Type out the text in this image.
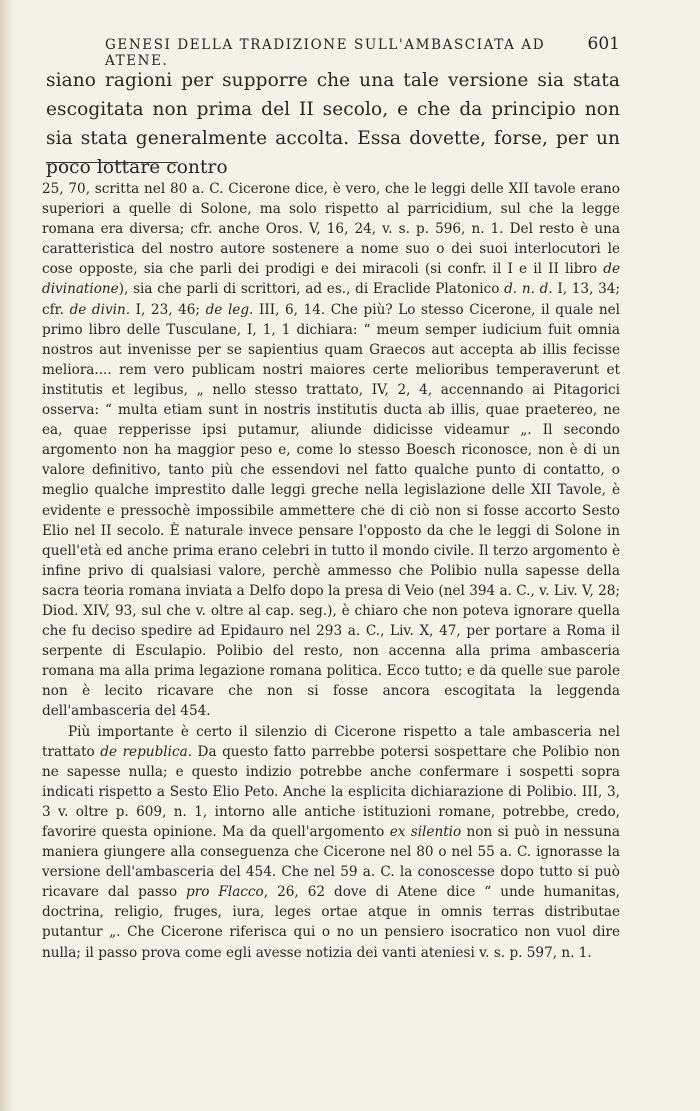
GENESI DELLA TRADIZIONE SULL'AMBASCIATA AD ATENE.
601
siano ragioni per supporre che una tale versione sia stata escogitata non prima del II secolo, e che da principio non sia stata generalmente accolta. Essa dovette, forse, per un poco lottare contro

25, 70, scritta nel 80 a. C. Cicerone dice, è vero, che le leggi delle XII tavole erano superiori a quelle di Solone, ma solo rispetto al parricidium, sul che la legge romana era diversa; cfr. anche Oros. V, 16, 24, v. s. p. 596, n. 1. Del resto è una caratteristica del nostro autore sostenere a nome suo o dei suoi interlocutori le cose opposte, sia che parli dei prodigi e dei miracoli (si confr. il I e il II libro de divinatione), sia che parli di scrittori, ad es., di Eraclide Platonico d. n. d. I, 13, 34; cfr. de divin. I, 23, 46; de leg. III, 6, 14. Che più? Lo stesso Cicerone, il quale nel primo libro delle Tusculane, I, 1, 1 dichiara: “ meum semper iudicium fuit omnia nostros aut invenisse per se sapientius quam Graecos aut accepta ab illis fecisse meliora.... rem vero publicam nostri maiores certe melioribus temperaverunt et institutis et legibus, „ nello stesso trattato, IV, 2, 4, accennando ai Pitagorici osserva: “ multa etiam sunt in nostris institutis ducta ab illis, quae praetereo, ne ea, quae repperisse ipsi putamur, aliunde didicisse videamur „. Il secondo argomento non ha maggior peso e, come lo stesso Boesch riconosce, non è di un valore definitivo, tanto più che essendovi nel fatto qualche punto di contatto, o meglio qualche imprestito dalle leggi greche nella legislazione delle XII Tavole, è evidente e pressochè impossibile ammettere che di ciò non si fosse accorto Sesto Elio nel II secolo. È naturale invece pensare l'opposto da che le leggi di Solone in quell'età ed anche prima erano celebri in tutto il mondo civile. Il terzo argomento è infine privo di qualsiasi valore, perchè ammesso che Polibio nulla sapesse della sacra teoria romana inviata a Delfo dopo la presa di Veio (nel 394 a. C., v. Liv. V, 28; Diod. XIV, 93, sul che v. oltre al cap. seg.), è chiaro che non poteva ignorare quella che fu deciso spedire ad Epidauro nel 293 a. C., Liv. X, 47, per portare a Roma il serpente di Esculapio. Polibio del resto, non accenna alla prima ambasceria romana ma alla prima legazione romana politica. Ecco tutto; e da quelle sue parole non è lecito ricavare che non si fosse ancora escogitata la leggenda dell'ambasceria del 454.

Più importante è certo il silenzio di Cicerone rispetto a tale ambasceria nel trattato de republica. Da questo fatto parrebbe potersi sospettare che Polibio non ne sapesse nulla; e questo indizio potrebbe anche confermare i sospetti sopra indicati rispetto a Sesto Elio Peto. Anche la esplicita dichiarazione di Polibio. III, 3, 3 v. oltre p. 609, n. 1, intorno alle antiche istituzioni romane, potrebbe, credo, favorire questa opinione. Ma da quell'argomento ex silentio non si può in nessuna maniera giungere alla conseguenza che Cicerone nel 80 o nel 55 a. C. ignorasse la versione dell'ambasceria del 454. Che nel 59 a. C. la conoscesse dopo tutto si può ricavare dal passo pro Flacco, 26, 62 dove di Atene dice “ unde humanitas, doctrina, religio, fruges, iura, leges ortae atque in omnis terras distributae putantur „. Che Cicerone riferisca qui o no un pensiero isocratico non vuol dire nulla; il passo prova come egli avesse notizia dei vanti ateniesi v. s. p. 597, n. 1.
